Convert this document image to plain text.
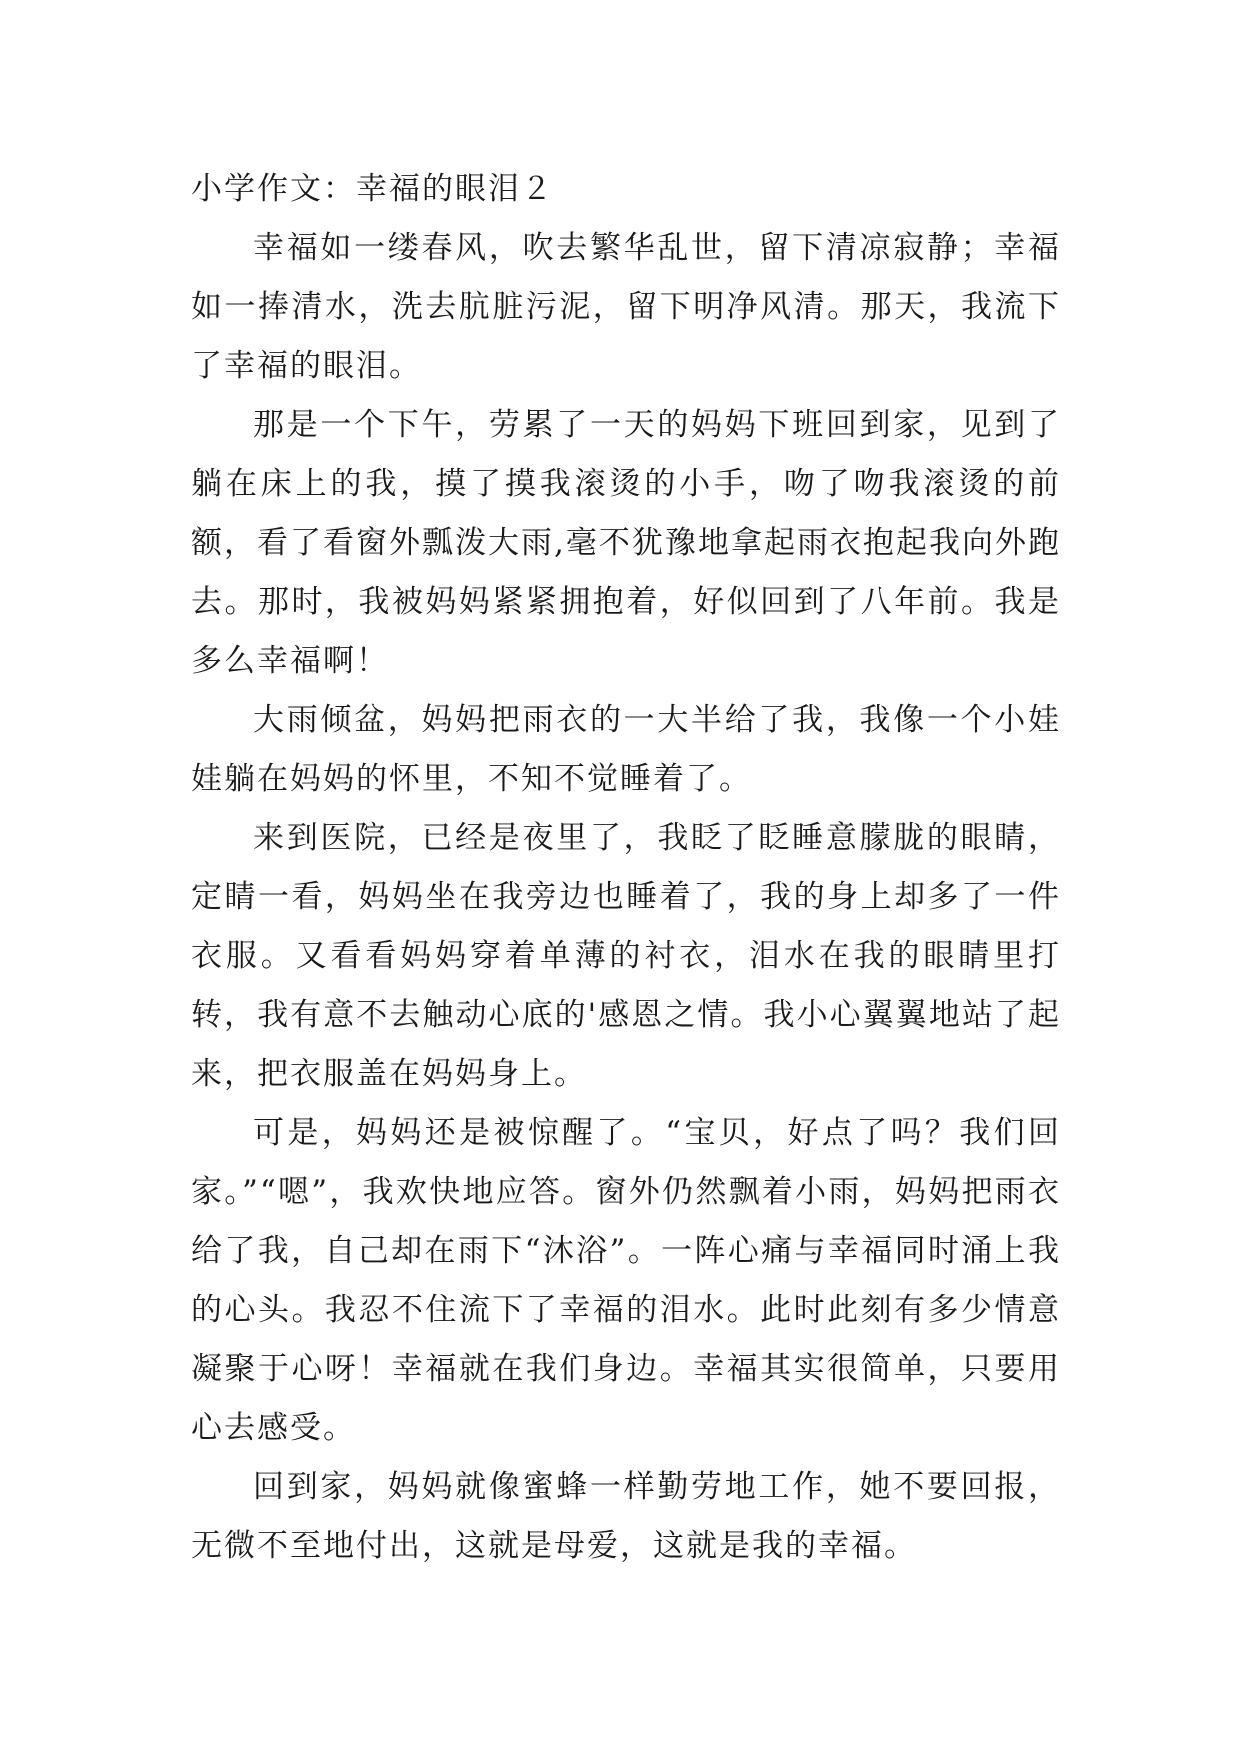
小学作文：幸福的眼泪２

幸福如一缕春风，吹去繁华乱世，留下清凉寂静；幸福如一捧清水，洗去肮脏污泥，留下明净风清。那天，我流下了幸福的眼泪。

那是一个下午，劳累了一天的妈妈下班回到家，见到了躺在床上的我，摸了摸我滚烫的小手，吻了吻我滚烫的前额，看了看窗外瓢泼大雨,毫不犹豫地拿起雨衣抱起我向外跑去。那时，我被妈妈紧紧拥抱着，好似回到了八年前。我是多么幸福啊！

大雨倾盆，妈妈把雨衣的一大半给了我，我像一个小娃娃躺在妈妈的怀里，不知不觉睡着了。

来到医院，已经是夜里了，我眨了眨睡意朦胧的眼睛，定睛一看，妈妈坐在我旁边也睡着了，我的身上却多了一件衣服。又看看妈妈穿着单薄的衬衣，泪水在我的眼睛里打转，我有意不去触动心底的'感恩之情。我小心翼翼地站了起来，把衣服盖在妈妈身上。

可是，妈妈还是被惊醒了。“宝贝，好点了吗？我们回家。”“嗯”，我欢快地应答。窗外仍然飘着小雨，妈妈把雨衣给了我，自己却在雨下“沐浴”。一阵心痛与幸福同时涌上我的心头。我忍不住流下了幸福的泪水。此时此刻有多少情意凝聚于心呀！幸福就在我们身边。幸福其实很简单，只要用心去感受。

回到家，妈妈就像蜜蜂一样勤劳地工作，她不要回报，无微不至地付出，这就是母爱，这就是我的幸福。
